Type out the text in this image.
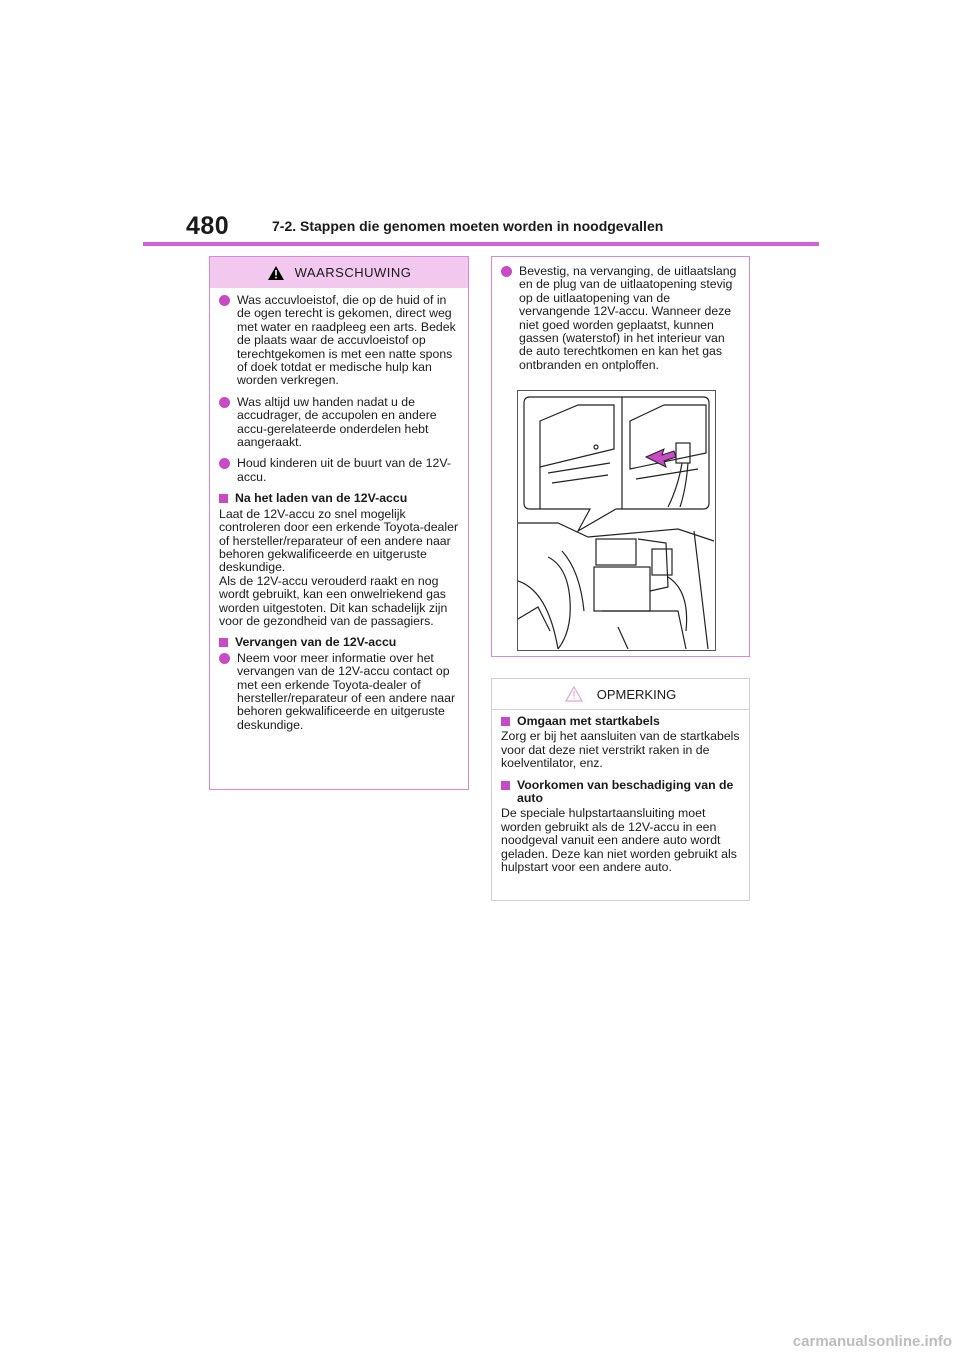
480	7-2. Stappen die genomen moeten worden in noodgevallen
WAARSCHUWING
Was accuvloeistof, die op de huid of in de ogen terecht is gekomen, direct weg met water en raadpleeg een arts. Bedek de plaats waar de accuvloeistof op terechtgekomen is met een natte spons of doek totdat er medische hulp kan worden verkregen.
Was altijd uw handen nadat u de accudrager, de accupolen en andere accu-gerelateerde onderdelen hebt aangeraakt.
Houd kinderen uit de buurt van de 12V-accu.
Na het laden van de 12V-accu
Laat de 12V-accu zo snel mogelijk controleren door een erkende Toyota-dealer of hersteller/reparateur of een andere naar behoren gekwalificeerde en uitgeruste deskundige.
Als de 12V-accu verouderd raakt en nog wordt gebruikt, kan een onwelriekend gas worden uitgestoten. Dit kan schadelijk zijn voor de gezondheid van de passagiers.
Vervangen van de 12V-accu
Neem voor meer informatie over het vervangen van de 12V-accu contact op met een erkende Toyota-dealer of hersteller/reparateur of een andere naar behoren gekwalificeerde en uitgeruste deskundige.
Bevestig, na vervanging, de uitlaatslang en de plug van de uitlaatopening stevig op de uitlaatopening van de vervangende 12V-accu. Wanneer deze niet goed worden geplaatst, kunnen gassen (waterstof) in het interieur van de auto terechtkomen en kan het gas ontbranden en ontploffen.
OPMERKING
Omgaan met startkabels
Zorg er bij het aansluiten van de startkabels voor dat deze niet verstrikt raken in de koelventilator, enz.
Voorkomen van beschadiging van de auto
De speciale hulpstartaansluiting moet worden gebruikt als de 12V-accu in een noodgeval vanuit een andere auto wordt geladen. Deze kan niet worden gebruikt als hulpstart voor een andere auto.
carmanualsonline.info
